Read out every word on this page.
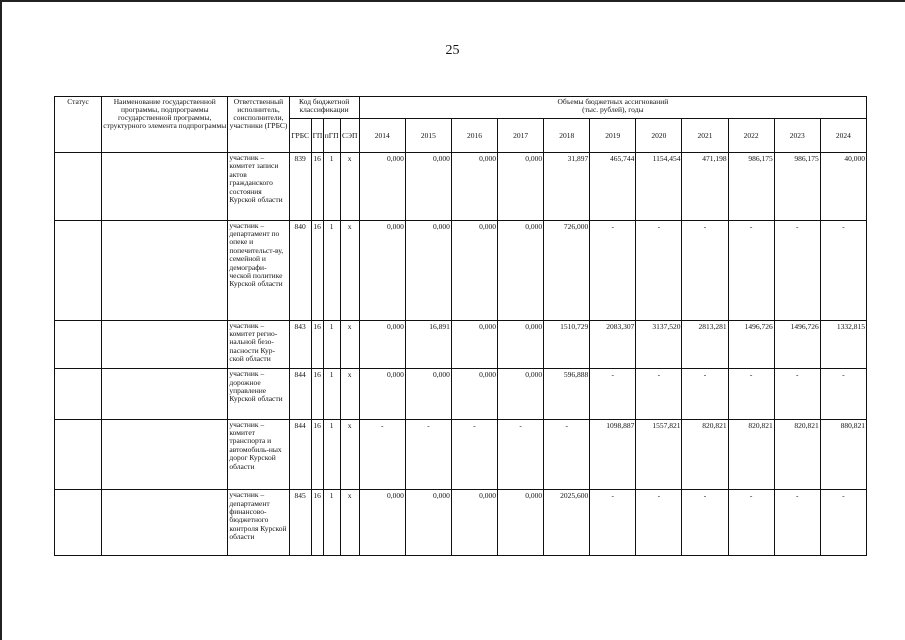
25
Статус	Наименование государственной программы, подпрограммы государственной программы, структурного элемента подпрограммы	Ответственный исполнитель, соисполнители, участники (ГРБС)	Код бюджетной классификации				Объемы бюджетных ассигнований
(тыс. рублей), годы										
			ГРБС	ГП	пГП	СЭП	2014	2015	2016	2017	2018	2019	2020	2021	2022	2023	2024
		участник – комитет записи актов гражданского состояния Курской области	839	16	1	х	0,000	0,000	0,000	0,000	31,897	465,744	1154,454	471,198	986,175	986,175	40,000
		участник – департамент по опеке и попечительст-ву, семейной и демографи-ческой политике Курской области	840	16	1	х	0,000	0,000	0,000	0,000	726,000	-	-	-	-	-	-
		участник – комитет регио-нальной безо-пасности Кур-ской области	843	16	1	х	0,000	16,891	0,000	0,000	1510,729	2083,307	3137,520	2813,281	1496,726	1496,726	1332,815
		участник – дорожное управление Курской области	844	16	1	х	0,000	0,000	0,000	0,000	596,888	-	-	-	-	-	-
		участник – комитет транспорта и автомобиль-ных дорог Курской области	844	16	1	х	-	-	-	-	-	1098,887	1557,821	820,821	820,821	820,821	880,821
		участник – департамент финансово-бюджетного контроля Курской области	845	16	1	х	0,000	0,000	0,000	0,000	2025,600	-	-	-	-	-	-
